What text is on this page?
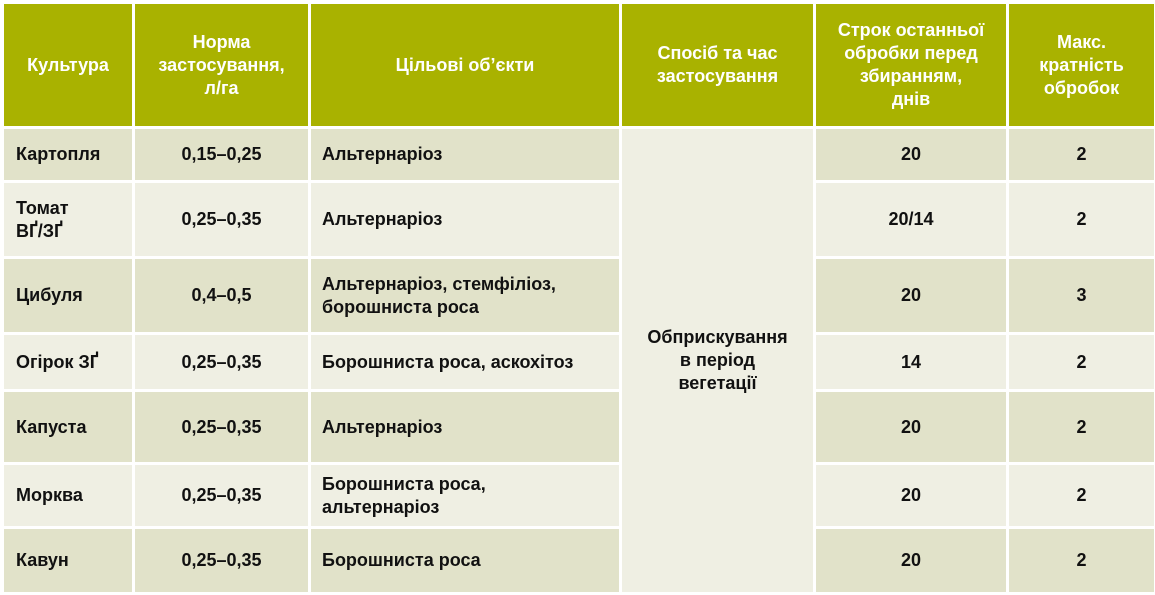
Культура	Норма
застосування,
л/га	Цільові об’єкти	Спосіб та час
застосування	Строк останньої
обробки перед
збиранням,
днів	Макс.
кратність
обробок

Картопля	0,15–0,25	Альтернаріоз	Обприскування
в період
вегетації	20	2

Томат
ВҐ/ЗҐ	0,25–0,35	Альтернаріоз		20/14	2

Цибуля	0,4–0,5	Альтернаріоз, стемфіліоз,
борошниста роса		20	3

Огірок ЗҐ	0,25–0,35	Борошниста роса, аскохітоз		14	2

Капуста	0,25–0,35	Альтернаріоз		20	2

Морква	0,25–0,35	Борошниста роса,
альтернаріоз		20	2

Кавун	0,25–0,35	Борошниста роса		20	2
